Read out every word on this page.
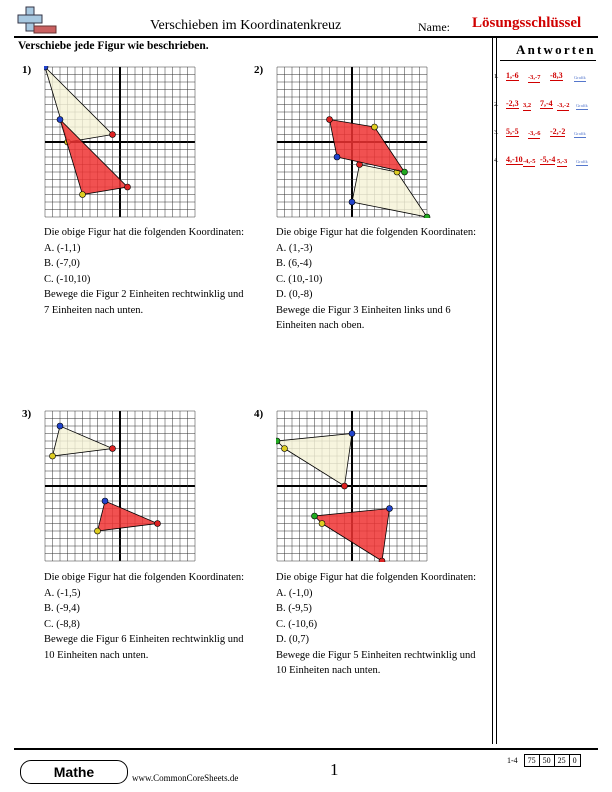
Verschieben im Koordinatenkreuz	Name: Lösungsschlüssel
Verschiebe jede Figur wie beschrieben.	Antworten
1. 1,-6 -3,-7 -8,3	Grafik
2. -2,3 3,2 7,-4 -3,-2 Grafik
3. 5,-5 -3,-6 -2,-2 Grafik
4. 4,-10 -4,-5 -5,-4 5,-3 Grafik
1)

Die obige Figur hat die folgenden Koordinaten:

A. (-1,1)

B. (-7,0)

C. (-10,10)

Bewege die Figur 2 Einheiten rechtwinklig und 7 Einheiten nach unten.

2)

Die obige Figur hat die folgenden Koordinaten:

A. (1,-3)

B. (6,-4)

C. (10,-10)

D. (0,-8)

Bewege die Figur 3 Einheiten links und 6 Einheiten nach oben.

3)

Die obige Figur hat die folgenden Koordinaten:

A. (-1,5)

B. (-9,4)

C. (-8,8)

Bewege die Figur 6 Einheiten rechtwinklig und 10 Einheiten nach unten.

4)

Die obige Figur hat die folgenden Koordinaten:

A. (-1,0)

B. (-9,5)

C. (-10,6)

D. (0,7)

Bewege die Figur 5 Einheiten rechtwinklig und 10 Einheiten nach unten.

Mathe	www.CommonCoreSheets.de	1	1-4	75	50	25	0
